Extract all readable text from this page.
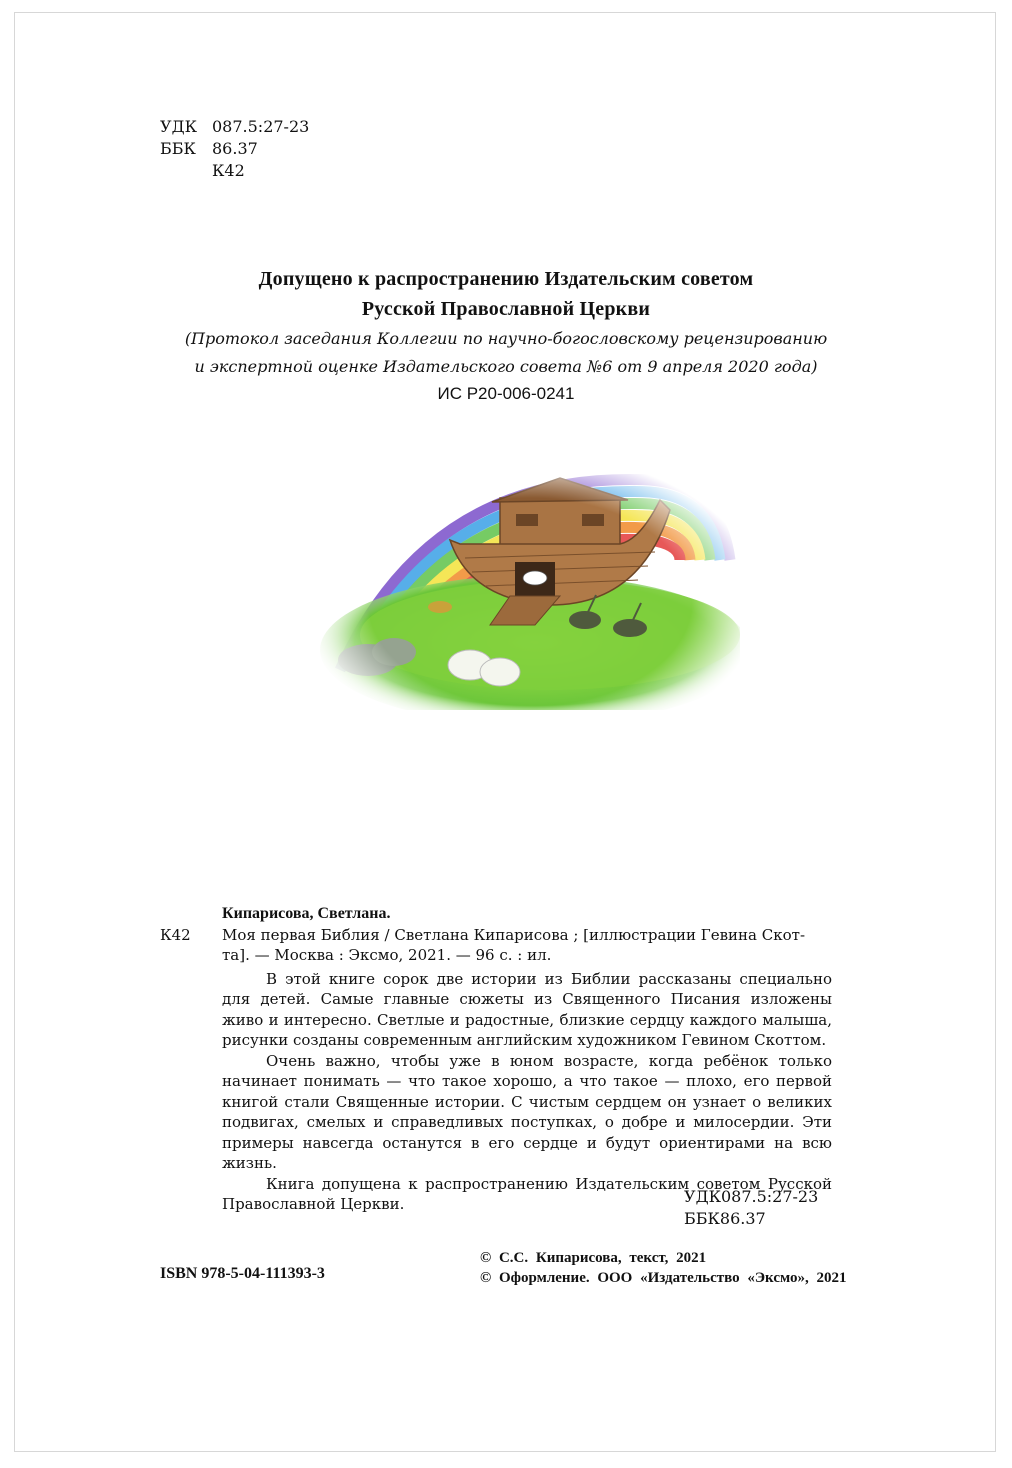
УДК 087.5:27-23
ББК 86.37
К42
Допущено к распространению Издательским советом
Русской Православной Церкви
(Протокол заседания Коллегии по научно-богословскому рецензированию
и экспертной оценке Издательского совета №6 от 9 апреля 2020 года)
ИС Р20-006-0241
Кипарисова, Светлана.
К42 Моя первая Библия / Светлана Кипарисова ; [иллюстрации Гевина Скот-
та]. — Москва : Эксмо, 2021. — 96 с. : ил.

В этой книге сорок две истории из Библии рассказаны специально для детей. Самые главные сюжеты из Священного Писания изложены живо и интересно. Светлые и радостные, близкие сердцу каждого малыша, рисунки созданы современным английским художником Гевином Скоттом.

Очень важно, чтобы уже в юном возрасте, когда ребёнок только начинает понимать — что такое хорошо, а что такое — плохо, его первой книгой стали Священные истории. С чистым сердцем он узнает о великих подвигах, смелых и справедливых поступках, о добре и милосердии. Эти примеры навсегда останутся в его сердце и будут ориентирами на всю жизнь.

Книга допущена к распространению Издательским советом Русской Православной Церкви.	УДК087.5:27-23
ББК86.37
ISBN 978-5-04-111393-3
© С.С. Кипарисова, текст, 2021
© Оформление. ООО «Издательство «Эксмо», 2021
